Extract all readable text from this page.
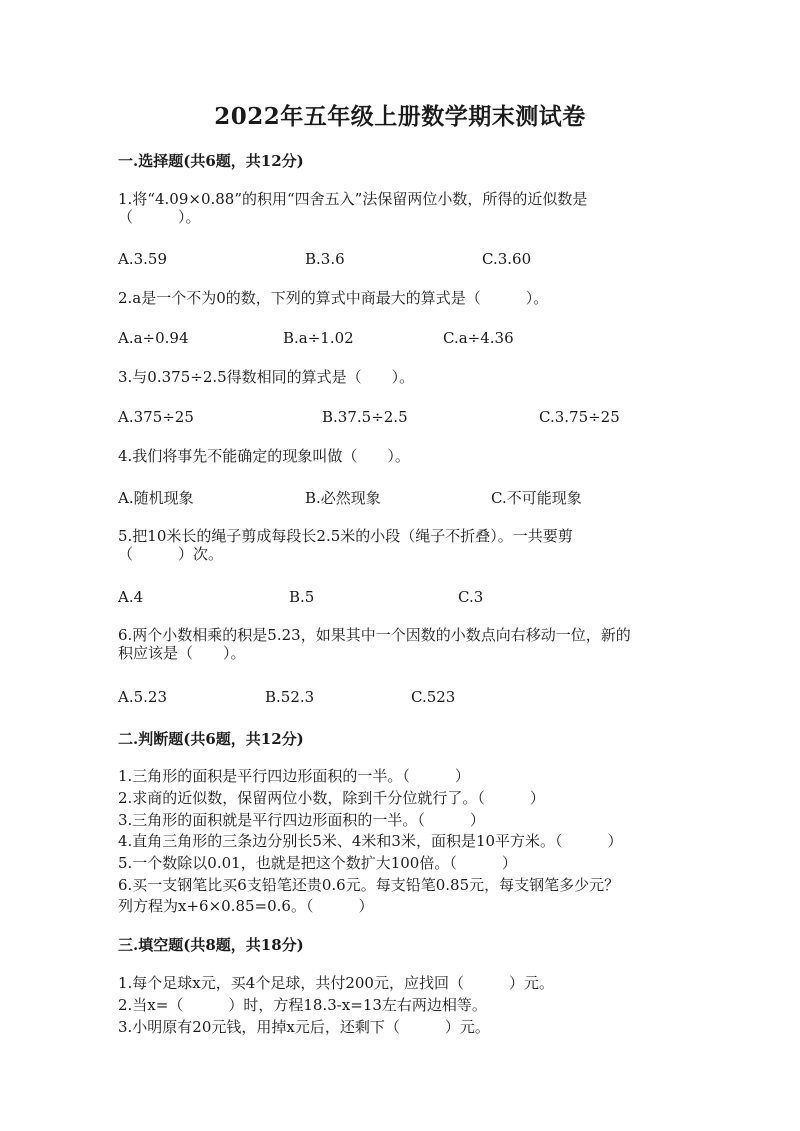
2022年五年级上册数学期末测试卷
一.选择题(共6题，共12分)
1.将“4.09×0.88”的积用“四舍五入”法保留两位小数，所得的近似数是
（　　　）。
A.3.59	B.3.6	C.3.60
2.a是一个不为0的数，下列的算式中商最大的算式是（　　　）。
A.a÷0.94	B.a÷1.02	C.a÷4.36
3.与0.375÷2.5得数相同的算式是（　　）。
A.375÷25	B.37.5÷2.5	C.3.75÷25
4.我们将事先不能确定的现象叫做（　　）。
A.随机现象	B.必然现象	C.不可能现象
5.把10米长的绳子剪成每段长2.5米的小段（绳子不折叠）。一共要剪
（　　　）次。
A.4	B.5	C.3
6.两个小数相乘的积是5.23，如果其中一个因数的小数点向右移动一位，新的
积应该是（　　）。
A.5.23	B.52.3	C.523
二.判断题(共6题，共12分)
1.三角形的面积是平行四边形面积的一半。（　　　）
2.求商的近似数，保留两位小数，除到千分位就行了。（　　　）
3.三角形的面积就是平行四边形面积的一半。（　　　）
4.直角三角形的三条边分别长5米、4米和3米，面积是10平方米。（　　　）
5.一个数除以0.01，也就是把这个数扩大100倍。（　　　）
6.买一支钢笔比买6支铅笔还贵0.6元。每支铅笔0.85元，每支钢笔多少元？
列方程为x+6×0.85=0.6。（　　　）
三.填空题(共8题，共18分)
1.每个足球x元，买4个足球，共付200元，应找回（　　　）元。
2.当x=（　　　）时，方程18.3-x=13左右两边相等。
3.小明原有20元钱，用掉x元后，还剩下（　　　）元。
